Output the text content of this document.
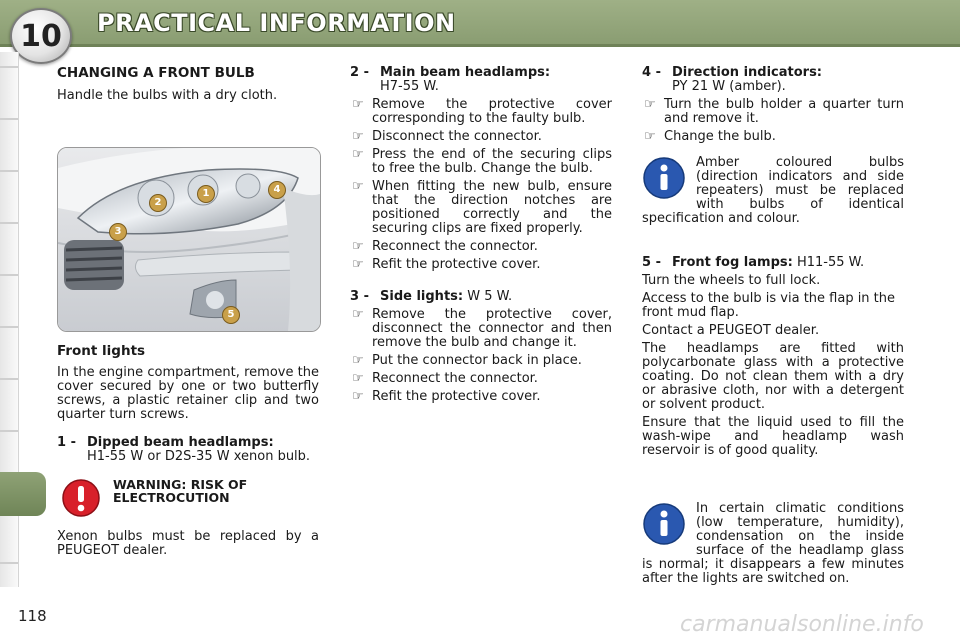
PRACTICAL INFORMATION
10
CHANGING A FRONT BULB

Handle the bulbs with a dry cloth.

1
2
3
4
5
Front lights

In the engine compartment, remove the cover secured by one or two butterfly screws, a plastic retainer clip and two quarter turn screws.

1 - Dipped beam headlamps:
H1-55 W or D2S-35 W xenon bulb.
WARNING: RISK OF ELECTROCUTION

Xenon bulbs must be replaced by a PEUGEOT dealer.

2 - Main beam headlamps:
H7-55 W.
☞ Remove the protective cover corresponding to the faulty bulb.
☞ Disconnect the connector.
☞ Press the end of the securing clips to free the bulb. Change the bulb.
☞ When fitting the new bulb, ensure that the direction notches are positioned correctly and the securing clips are fixed properly.
☞ Reconnect the connector.
☞ Refit the protective cover.
3 - Side lights: W 5 W.
☞ Remove the protective cover, disconnect the connector and then remove the bulb and change it.
☞ Put the connector back in place.
☞ Reconnect the connector.
☞ Refit the protective cover.
4 - Direction indicators:
PY 21 W (amber).
☞ Turn the bulb holder a quarter turn and remove it.
☞ Change the bulb.

Amber coloured bulbs (direction indicators and side repeaters) must be replaced with bulbs of identical specification and colour.

5 - Front fog lamps: H11-55 W.

Turn the wheels to full lock.

Access to the bulb is via the flap in the front mud flap.

Contact a PEUGEOT dealer.

The headlamps are fitted with polycarbonate glass with a protective coating. Do not clean them with a dry or abrasive cloth, nor with a detergent or solvent product.

Ensure that the liquid used to fill the wash-wipe and headlamp wash reservoir is of good quality.

In certain climatic conditions (low temperature, humidity), condensation on the inside surface of the headlamp glass is normal; it disappears a few minutes after the lights are switched on.

118	carmanualsonline.info
